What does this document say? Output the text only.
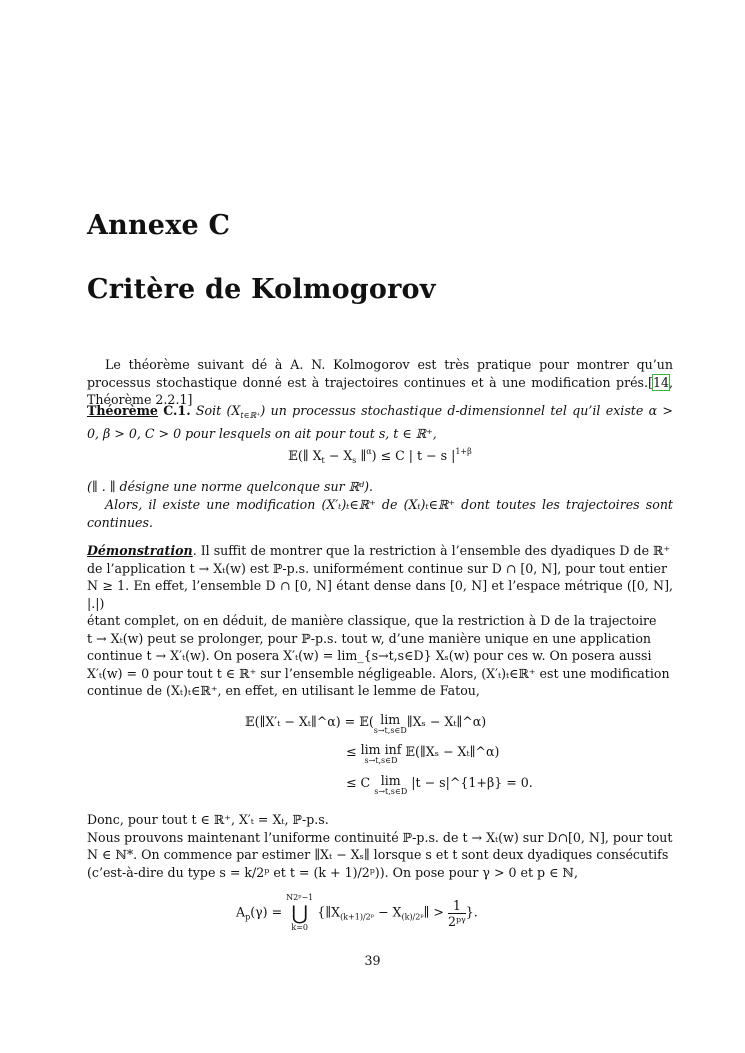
Annexe C
Critère de Kolmogorov

Le théorème suivant dé à A. N. Kolmogorov est très pratique pour montrer qu’un processus stochastique donné est à trajectoires continues et à une modification prés.[14, Théorème 2.2.1]

Théorème C.1. Soit $(X_{t\in ℝ^+})$ un processus stochastique d-dimensionnel tel qu’il existe α > 0, β > 0, C > 0 pour lesquels on ait pour tout s, t ∈ ℝ⁺,

𝔼(∥ $X_t - X_s$ ∥$^\alpha$) ≤ C | t − s $|^{1+\beta}$

(∥ . ∥ désigne une norme quelconque sur ℝᵈ).

Alors, il existe une modification (X′ₜ)ₜ∈ℝ⁺ de (Xₜ)ₜ∈ℝ⁺ dont toutes les trajectoires sont continues.

Démonstration. Il suffit de montrer que la restriction à l’ensemble des dyadiques D de ℝ⁺
de l’application t → Xₜ(w) est ℙ-p.s. uniformément continue sur D ∩ [0, N], pour tout entier
N ≥ 1. En effet, l’ensemble D ∩ [0, N] étant dense dans [0, N] et l’espace métrique ([0, N], |.|)
étant complet, on en déduit, de manière classique, que la restriction à D de la trajectoire
t → Xₜ(w) peut se prolonger, pour ℙ-p.s. tout w, d’une manière unique en une application
continue t → X′ₜ(w). On posera X′ₜ(w) = lim_{s→t,s∈D} Xₛ(w) pour ces w. On posera aussi
X′ₜ(w) = 0 pour tout t ∈ ℝ⁺ sur l’ensemble négligeable. Alors, (X′ₜ)ₜ∈ℝ⁺ est une modification
continue de (Xₜ)ₜ∈ℝ⁺, en effet, en utilisant le lemme de Fatou,
𝔼(∥X′ₜ − Xₜ∥^α) = 𝔼( lim
s→t,s∈D
∥Xₛ − Xₜ∥^α)
≤ lim inf
s→t,s∈D
𝔼(∥Xₛ − Xₜ∥^α)
≤ C lim
s→t,s∈D
|t − s|^{1+β} = 0.
Donc, pour tout t ∈ ℝ⁺, X′ₜ = Xₜ, ℙ-p.s.
Nous prouvons maintenant l’uniforme continuité ℙ-p.s. de t → Xₜ(w) sur D∩[0, N], pour tout
N ∈ ℕ*. On commence par estimer ∥Xₜ − Xₛ∥ lorsque s et t sont deux dyadiques consécutifs
(c’est-à-dire du type s = k/2ᵖ et t = (k + 1)/2ᵖ)). On pose pour γ > 0 et p ∈ ℕ,
$A_p(\gamma)$ = N2ᵖ−1
⋃
k=0 {$\parallel X_{(k+1)/2ᵖ}$ − $X_{(k)/2ᵖ}\parallel > \frac{1}{\text{2ᵖᵞ}}$ }.
39
